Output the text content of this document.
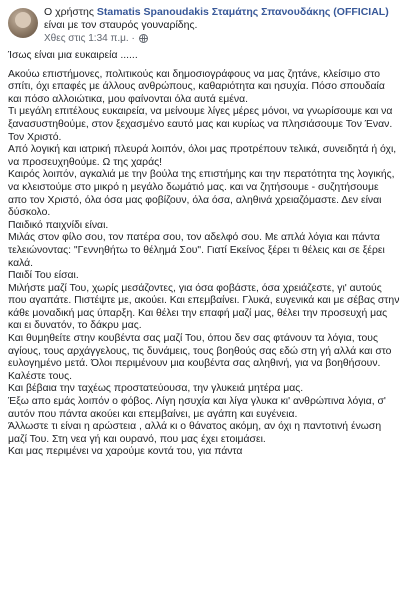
Ο χρήστης Stamatis Spanoudakis Σταμάτης Σπανουδάκης (OFFICIAL) είναι με τον σταυρός γουναρίδης.
Χθες στις 1:34 π.μ. ·

Ίσως είναι μια ευκαιρεία ......

Ακούω επιστήμονες, πολιτικούς και δημοσιογράφους να μας ζητάνε, κλείσιμο στο σπίτι, όχι επαφές με άλλους ανθρώπους, καθαριότητα και ησυχία. Πόσο σπουδαία και πόσο αλλοιώτικα, μου φαίνονται όλα αυτά εμένα.

Τι μεγάλη επιτέλους ευκαιρεία, να μείνουμε λίγες μέρες μόνοι, να γνωρίσουμε και να ξανασυστηθούμε, στον ξεχασμένο εαυτό μας και κυρίως να πλησιάσουμε Τον Έναν. Τον Χριστό.

Από λογική και ιατρική πλευρά λοιπόν, όλοι μας προτρέπουν τελικά, συνειδητά ή όχι, να προσευχηθούμε. Ω της χαράς!

Καιρός λοιπόν, αγκαλιά με την βούλα της επιστήμης και την περατότητα της λογικής, να κλειστούμε στο μικρό η μεγάλο δωμάτιό μας. και να ζητήσουμε - συζητήσουμε απο τον Χριστό, όλα όσα μας φοβίζουν, όλα όσα, αληθινά χρειαζόμαστε. Δεν είναι δύσκολο.

Παιδικό παιχνίδι είναι.

Μιλάς στον φίλο σου, τον πατέρα σου, τον αδελφό σου. Με απλά λόγια και πάντα τελειώνοντας: "Γεννηθήτω το θέλημά Σου". Γιατί Εκείνος ξέρει τι θέλεις και σε ξέρει καλά.

Παιδί Του είσαι.

Μιλήστε μαζί Του, χωρίς μεσάζοντες, για όσα φοβάστε, όσα χρειάζεστε, γι' αυτούς που αγαπάτε. Πιστέψτε με, ακούει. Και επεμβαίνει. Γλυκά, ευγενικά και με σέβας στην κάθε μοναδική μας ύπαρξη. Και θέλει την επαφή μαζί μας, θέλει την προσευχή μας και ει δυνατόν, το δάκρυ μας.

Και θυμηθείτε στην κουβέντα σας μαζί Του, όπου δεν σας φτάνουν τα λόγια, τους αγίους, τους αρχάγγελους, τις δυνάμεις, τους βοηθούς σας εδώ στη γή αλλά και στο ευλογημένο μετά. Όλοι περιμένουν μια κουβέντα σας αληθινή, για να βοηθήσουν. Καλέστε τους.

Και βέβαια την ταχέως προστατεύουσα, την γλυκειά μητέρα μας.

Έξω απο εμάς λοιπόν ο φόβος. Λίγη ησυχία και λίγα γλυκα κι' ανθρώπινα λόγια, σ' αυτόν που πάντα ακούει και επεμβαίνει, με αγάπη και ευγένεια.

Άλλωστε τι είναι η αρώστεια , αλλά κι ο θάνατος ακόμη, αν όχι η παντοτινή ένωση μαζί Του. Στη νεα γή και ουρανό, που μας έχει ετοιμάσει.

Και μας περιμένει να χαρούμε κοντά του, για πάντα
